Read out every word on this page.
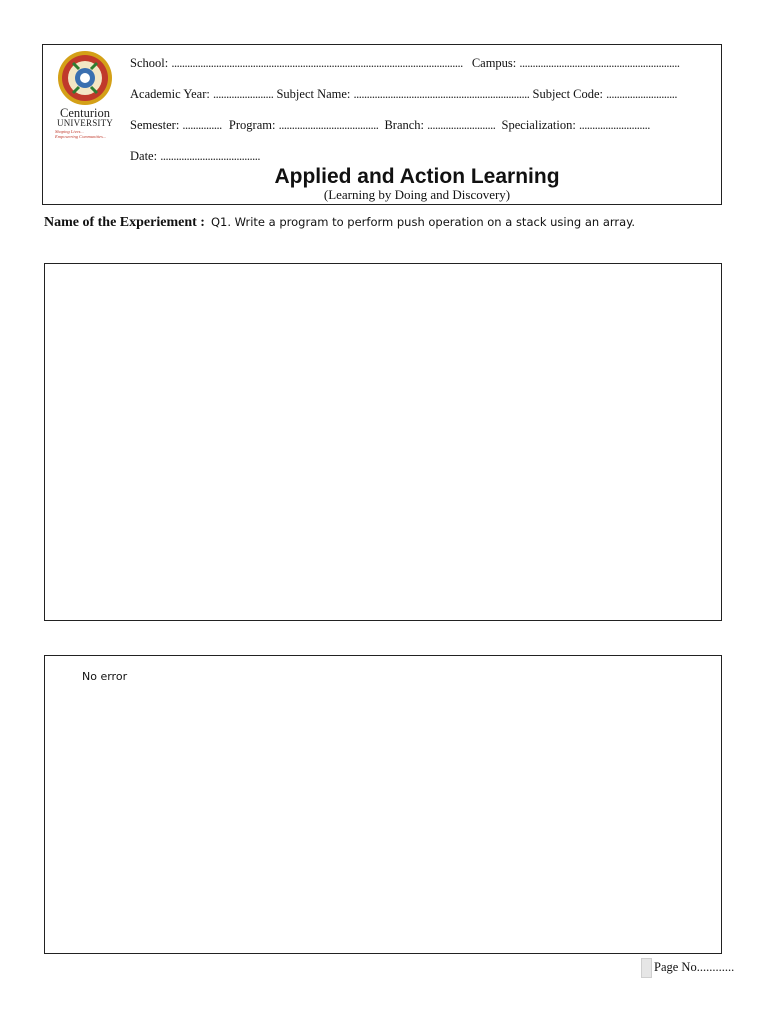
Centurion
UNIVERSITY
Shaping Lives...
Empowering Communities...
School: ............................................................................................................... Campus: .............................................................
Academic Year: ....................... Subject Name: ................................................................... Subject Code: ...........................
Semester: ............... Program: ...................................... Branch: .......................... Specialization: ...........................
Date: ......................................
Applied and Action Learning
(Learning by Doing and Discovery)
Name of the Experiement : Q1. Write a program to perform push operation on a stack using an array.
No error
Page No............
